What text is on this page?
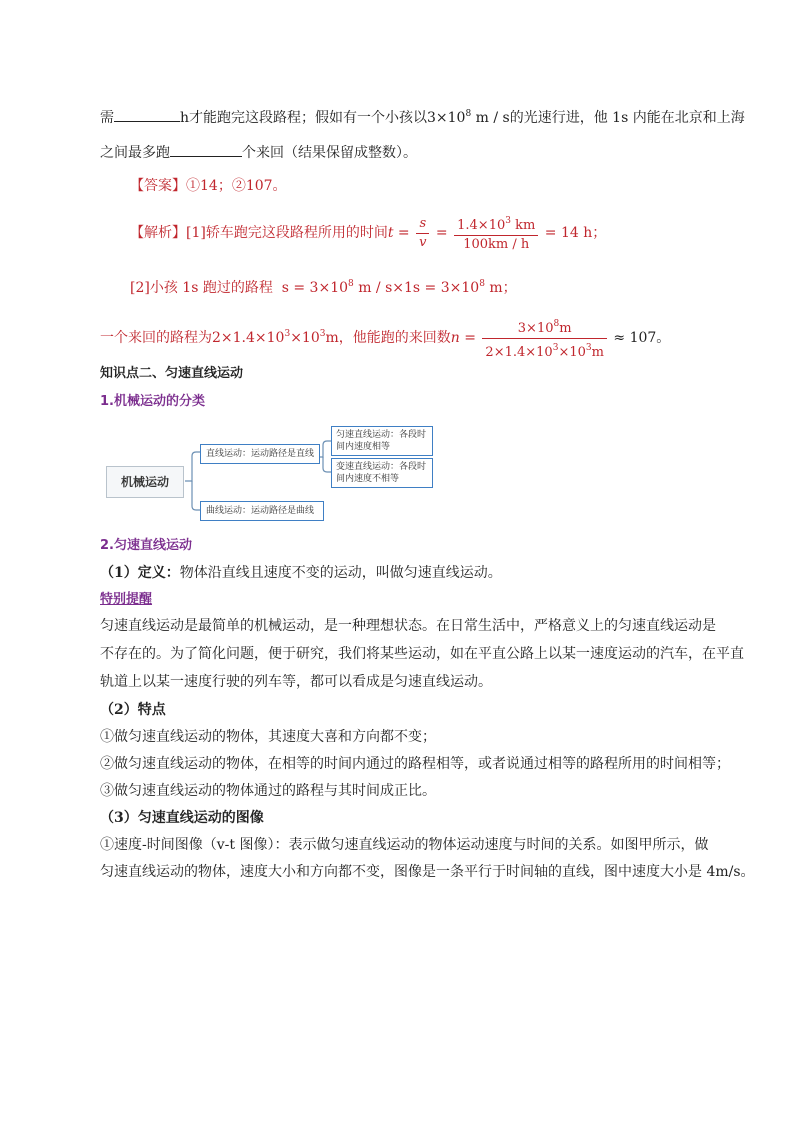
需	h才能跑完这段路程；假如有一个小孩以$3\times 10^8$ m / s的光速行进，他 1s 内能在北京和上海
之间最多跑	个来回（结果保留成整数）。
【答案】①14；②107。
【解析】[1]轿车跑完这段路程所用的时间$t = \frac{s}{v} = \frac{1.4\times 10^3 km}{100km / h} = 14$ h；
[2]小孩 1s 跑过的路程 $s = 3\times 10^8$ $m / s\times 1s = 3\times 10^8$ m；
一个来回的路程为$2\times 1.4\times 10^3\times 10^3m$，他能跑的来回数$n = \frac{3\times 10^8m}{2\times 1.4\times 10^3\times 10^3m} \approx 107$。
知识点二、匀速直线运动
1.机械运动的分类
机械运动
直线运动：运动路径是直线
曲线运动：运动路径是曲线
匀速直线运动：各段时间内速度相等
变速直线运动：各段时间内速度不相等
2.匀速直线运动
（1）定义：物体沿直线且速度不变的运动，叫做匀速直线运动。
特别提醒
匀速直线运动是最简单的机械运动，是一种理想状态。在日常生活中，严格意义上的匀速直线运动是
不存在的。为了简化问题，便于研究，我们将某些运动，如在平直公路上以某一速度运动的汽车，在平直
轨道上以某一速度行驶的列车等，都可以看成是匀速直线运动。
（2）特点
①做匀速直线运动的物体，其速度大喜和方向都不变；
②做匀速直线运动的物体，在相等的时间内通过的路程相等，或者说通过相等的路程所用的时间相等；
③做匀速直线运动的物体通过的路程与其时间成正比。
（3）匀速直线运动的图像
①速度-时间图像（v-t 图像）：表示做匀速直线运动的物体运动速度与时间的关系。如图甲所示，做
匀速直线运动的物体，速度大小和方向都不变，图像是一条平行于时间轴的直线，图中速度大小是 4m/s。
